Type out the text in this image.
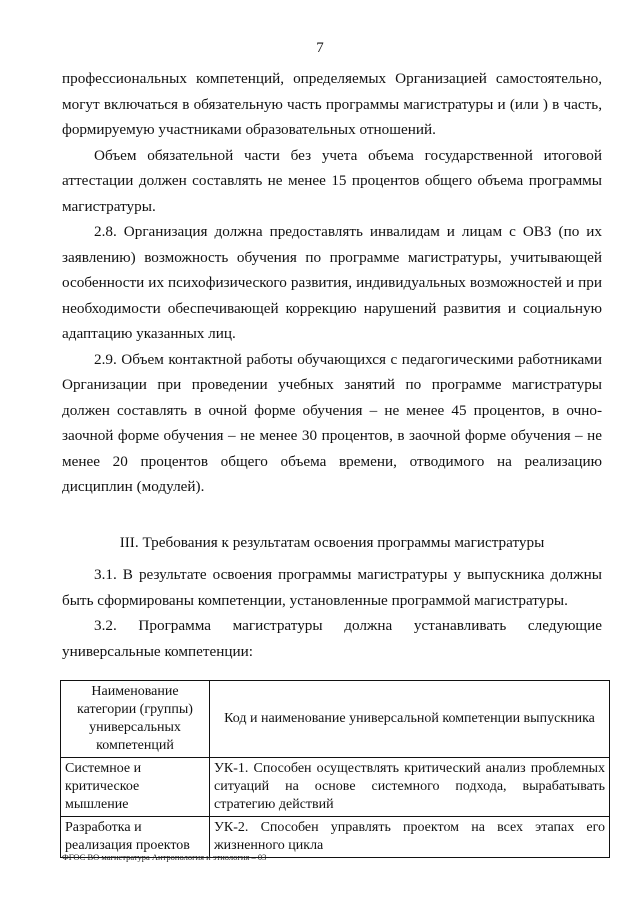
7

профессиональных компетенций, определяемых Организацией самостоятельно, могут включаться в обязательную часть программы магистратуры и (или ) в часть, формируемую участниками образовательных отношений.

Объем обязательной части без учета объема государственной итоговой аттестации должен составлять не менее 15 процентов общего объема программы магистратуры.

2.8. Организация должна предоставлять инвалидам и лицам с ОВЗ (по их заявлению) возможность обучения по программе магистратуры, учитывающей особенности их психофизического развития, индивидуальных возможностей и при необходимости обеспечивающей коррекцию нарушений развития и социальную адаптацию указанных лиц.

2.9. Объем контактной работы обучающихся с педагогическими работниками Организации при проведении учебных занятий по программе магистратуры должен составлять в очной форме обучения – не менее 45 процентов, в очно-заочной форме обучения – не менее 30 процентов, в заочной форме обучения – не менее 20 процентов общего объема времени, отводимого на реализацию дисциплин (модулей).

III. Требования к результатам освоения программы магистратуры

3.1. В результате освоения программы магистратуры у выпускника должны быть сформированы компетенции, установленные программой магистратуры.

3.2. Программа магистратуры должна устанавливать следующие универсальные компетенции:

Наименование категории (группы) универсальных компетенций	Код и наименование универсальной компетенции выпускника
Системное и критическое мышление	УК-1. Способен осуществлять критический анализ проблемных ситуаций на основе системного подхода, вырабатывать стратегию действий
Разработка и реализация проектов	УК-2. Способен управлять проектом на всех этапах его жизненного цикла
ФГОС ВО магистратура Антропология и этнология – 03
